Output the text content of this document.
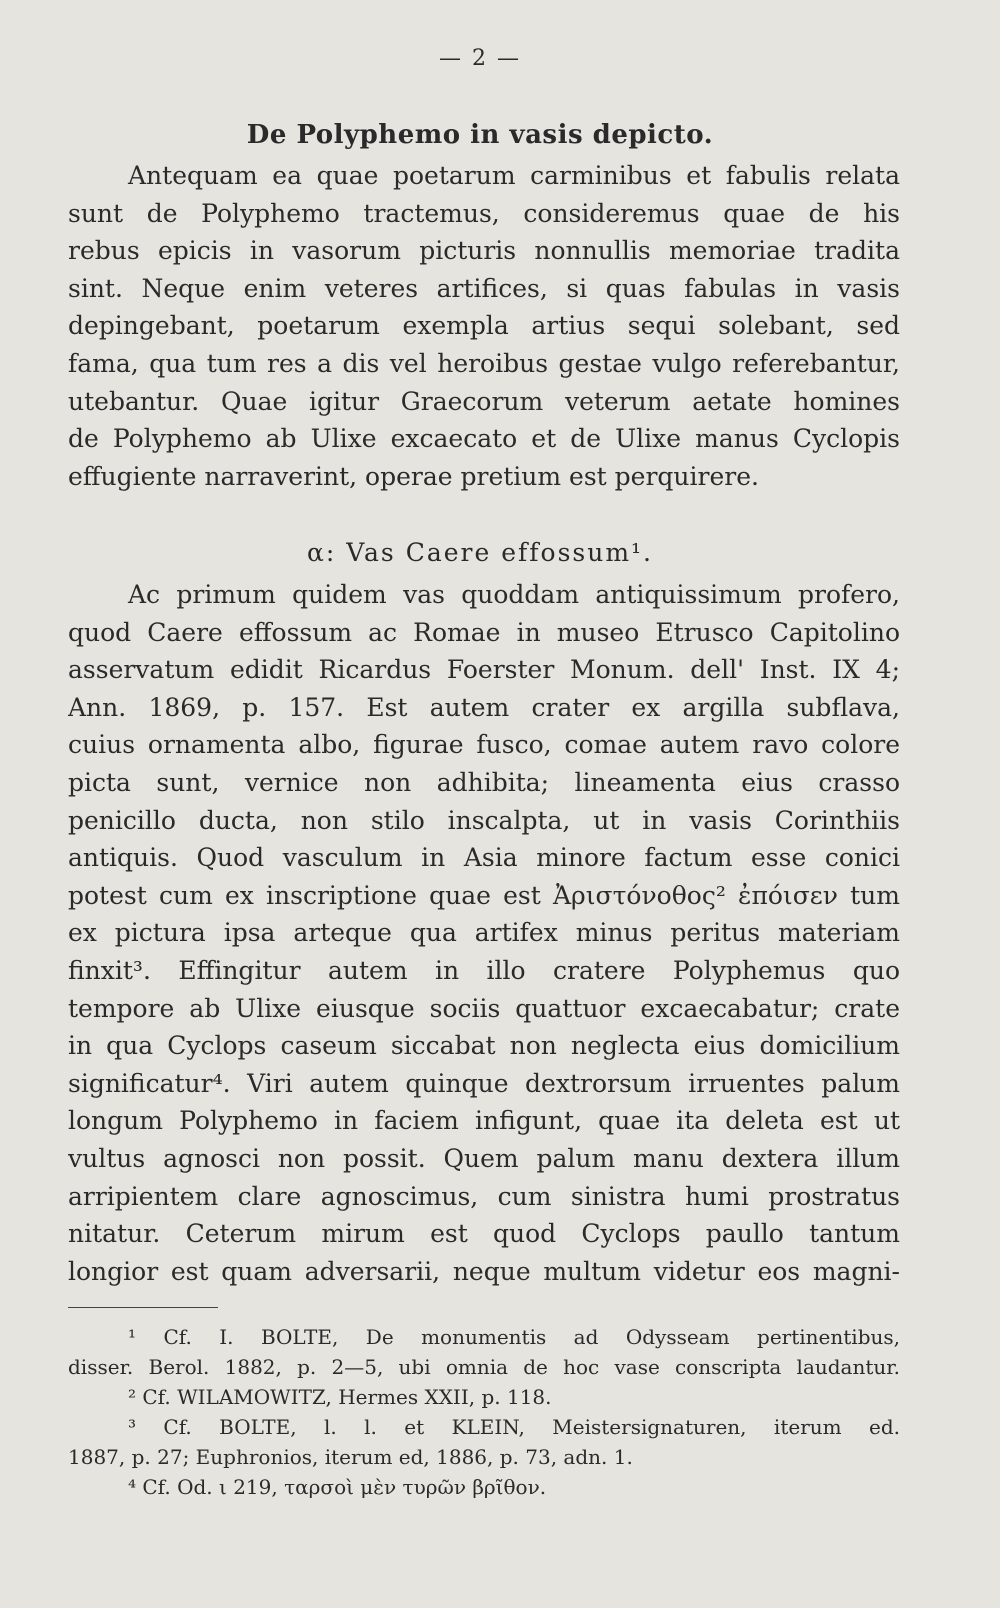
— 2 —
De Polyphemo in vasis depicto.
Antequam ea quae poetarum carminibus et fabulis relata
sunt de Polyphemo tractemus, consideremus quae de his
rebus epicis in vasorum picturis nonnullis memoriae tradita
sint. Neque enim veteres artifices, si quas fabulas in vasis
depingebant, poetarum exempla artius sequi solebant, sed
fama, qua tum res a dis vel heroibus gestae vulgo referebantur,
utebantur. Quae igitur Graecorum veterum aetate homines
de Polyphemo ab Ulixe excaecato et de Ulixe manus Cyclopis
effugiente narraverint, operae pretium est perquirere.
α: Vas Caere effossum¹.
Ac primum quidem vas quoddam antiquissimum profero,
quod Caere effossum ac Romae in museo Etrusco Capitolino
asservatum edidit Ricardus Foerster Monum. dell' Inst. IX 4;
Ann. 1869, p. 157. Est autem crater ex argilla subflava,
cuius ornamenta albo, figurae fusco, comae autem ravo colore
picta sunt, vernice non adhibita; lineamenta eius crasso
penicillo ducta, non stilo inscalpta, ut in vasis Corinthiis
antiquis. Quod vasculum in Asia minore factum esse conici
potest cum ex inscriptione quae est Ἀριστόνοθος² ἐπόισεν tum
ex pictura ipsa arteque qua artifex minus peritus materiam
finxit³. Effingitur autem in illo cratere Polyphemus quo
tempore ab Ulixe eiusque sociis quattuor excaecabatur; crate
in qua Cyclops caseum siccabat non neglecta eius domicilium
significatur⁴. Viri autem quinque dextrorsum irruentes palum
longum Polyphemo in faciem infigunt, quae ita deleta est ut
vultus agnosci non possit. Quem palum manu dextera illum
arripientem clare agnoscimus, cum sinistra humi prostratus
nitatur. Ceterum mirum est quod Cyclops paullo tantum
longior est quam adversarii, neque multum videtur eos magni-
¹ Cf. I. BOLTE, De monumentis ad Odysseam pertinentibus,
disser. Berol. 1882, p. 2—5, ubi omnia de hoc vase conscripta laudantur.
² Cf. WILAMOWITZ, Hermes XXII, p. 118.
³ Cf. BOLTE, l. l. et KLEIN, Meistersignaturen, iterum ed.
1887, p. 27; Euphronios, iterum ed, 1886, p. 73, adn. 1.
⁴ Cf. Od. ι 219, ταρσοὶ μὲν τυρῶν βρῖθον.
